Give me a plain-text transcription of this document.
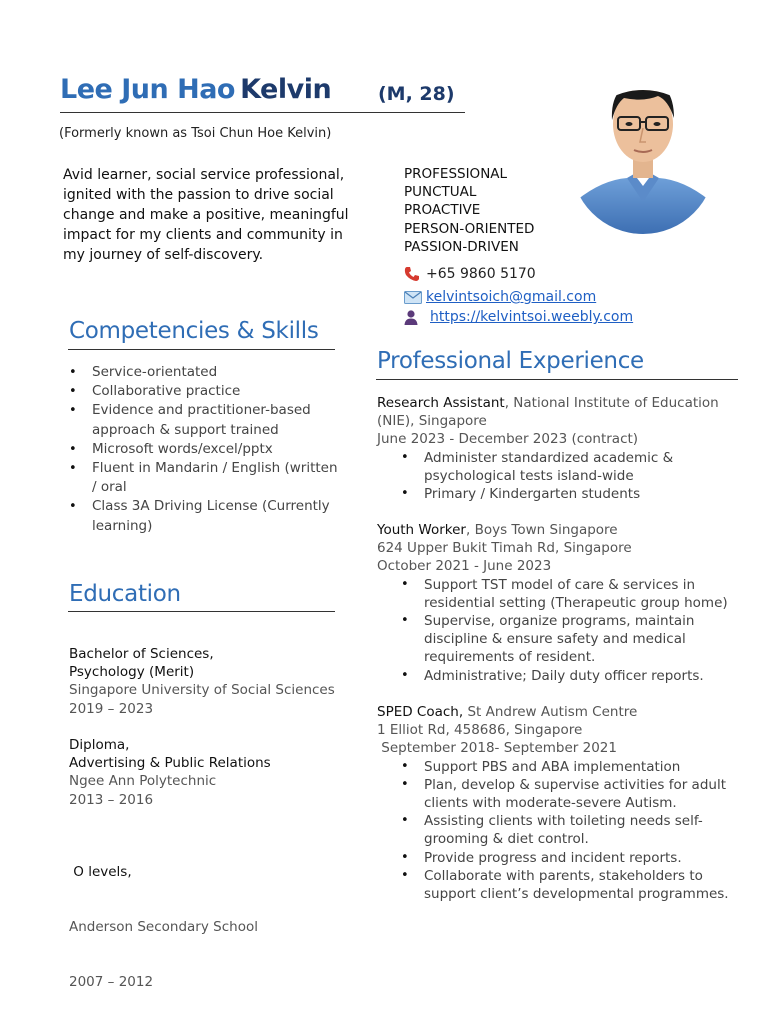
Lee Jun Hao Kelvin (M, 28)
(Formerly known as Tsoi Chun Hoe Kelvin)
Avid learner, social service professional, ignited with the passion to drive social change and make a positive, meaningful impact for my clients and community in my journey of self-discovery.
PROFESSIONAL
PUNCTUAL
PROACTIVE
PERSON-ORIENTED
PASSION-DRIVEN
+65 9860 5170
kelvintsoich@gmail.com
https://kelvintsoi.weebly.com
Competencies & Skills
• Service-orientated
• Collaborative practice
• Evidence and practitioner-based approach & support trained
• Microsoft words/excel/pptx
• Fluent in Mandarin / English (written / oral
• Class 3A Driving License (Currently learning)
Education
Bachelor of Sciences,
Psychology (Merit)
Singapore University of Social Sciences
2019 – 2023
Diploma,
Advertising & Public Relations
Ngee Ann Polytechnic
2013 – 2016

O levels,

Anderson Secondary School

2007 – 2012

Professional Experience
Research Assistant, National Institute of Education (NIE), Singapore
June 2023 - December 2023 (contract)
• Administer standardized academic & psychological tests island-wide
• Primary / Kindergarten students
Youth Worker, Boys Town Singapore
624 Upper Bukit Timah Rd, Singapore
October 2021 - June 2023
• Support TST model of care & services in residential setting (Therapeutic group home)
• Supervise, organize programs, maintain discipline & ensure safety and medical requirements of resident.
• Administrative; Daily duty officer reports.
SPED Coach, St Andrew Autism Centre
1 Elliot Rd, 458686, Singapore
September 2018- September 2021
• Support PBS and ABA implementation
• Plan, develop & supervise activities for adult clients with moderate-severe Autism.
• Assisting clients with toileting needs self-grooming & diet control.
• Provide progress and incident reports.
• Collaborate with parents, stakeholders to support client’s developmental programmes.
